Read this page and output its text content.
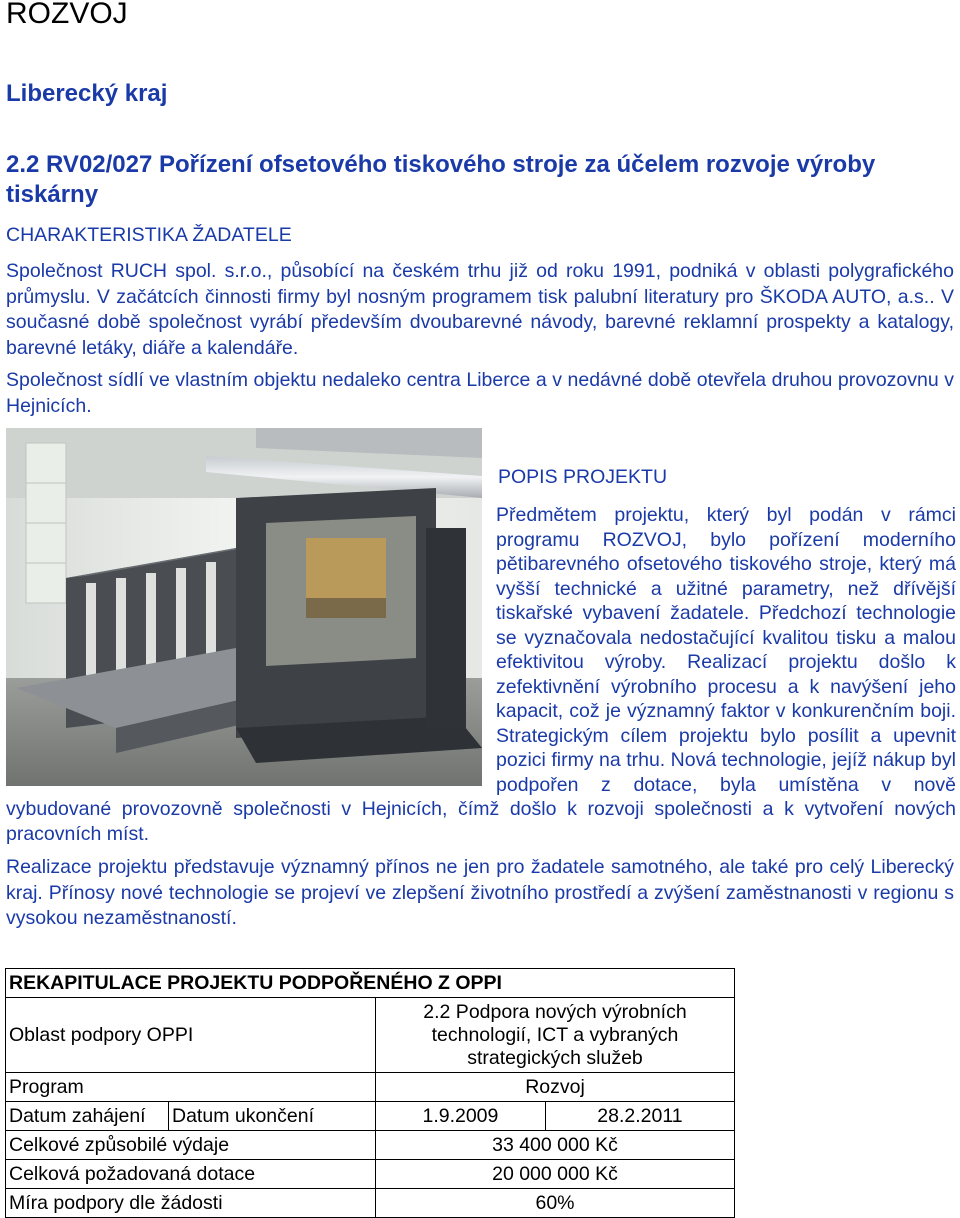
ROZVOJ
Liberecký kraj
2.2 RV02/027 Pořízení ofsetového tiskového stroje za účelem rozvoje výroby tiskárny
CHARAKTERISTIKA ŽADATELE
Společnost RUCH spol. s.r.o., působící na českém trhu již od roku 1991, podniká v oblasti polygrafického průmyslu. V začátcích činnosti firmy byl nosným programem tisk palubní literatury pro ŠKODA AUTO, a.s.. V současné době společnost vyrábí především dvoubarevné návody, barevné reklamní prospekty a katalogy, barevné letáky, diáře a kalendáře.
Společnost sídlí ve vlastním objektu nedaleko centra Liberce a v nedávné době otevřela druhou provozovnu v Hejnicích.
POPIS PROJEKTU
Předmětem projektu, který byl podán v rámci programu ROZVOJ, bylo pořízení moderního pětibarevného ofsetového tiskového stroje, který má vyšší technické a užitné parametry, než dřívější tiskařské vybavení žadatele. Předchozí technologie se vyznačovala nedostačující kvalitou tisku a malou efektivitou výroby. Realizací projektu došlo k zefektivnění výrobního procesu a k navýšení jeho kapacit, což je významný faktor v konkurenčním boji. Strategickým cílem projektu bylo posílit a upevnit pozici firmy na trhu. Nová technologie, jejíž nákup byl podpořen z dotace, byla umístěna v nově vybudované provozovně společnosti v Hejnicích, čímž došlo k rozvoji společnosti a k vytvoření nových pracovních míst.
Realizace projektu představuje významný přínos ne jen pro žadatele samotného, ale také pro celý Liberecký kraj. Přínosy nové technologie se projeví ve zlepšení životního prostředí a zvýšení zaměstnanosti v regionu s vysokou nezaměstnaností.
REKAPITULACE PROJEKTU PODPOŘENÉHO Z OPPI			
Oblast podpory OPPI		2.2 Podpora nových výrobních technologií, ICT a vybraných strategických služeb	
Program		Rozvoj	
Datum zahájení	Datum ukončení	1.9.2009	28.2.2011
Celkové způsobilé výdaje		33 400 000 Kč	
Celková požadovaná dotace		20 000 000 Kč	
Míra podpory dle žádosti		60%	
